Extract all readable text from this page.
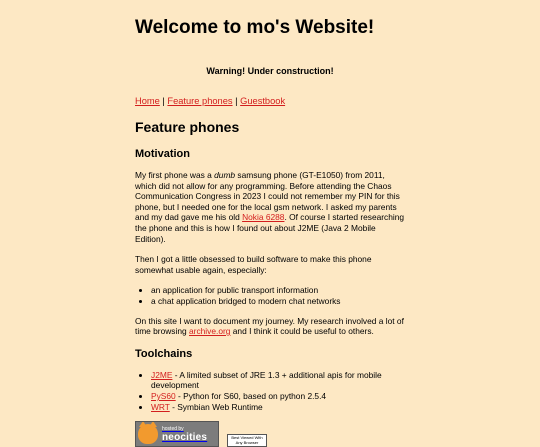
Welcome to mo's Website!
Warning! Under construction!
Home | Feature phones | Guestbook
Feature phones
Motivation

My first phone was a dumb samsung phone (GT-E1050) from 2011, which did not allow for any programming. Before attending the Chaos Communication Congress in 2023 I could not remember my PIN for this phone, but I needed one for the local gsm network. I asked my parents and my dad gave me his old Nokia 6288. Of course I started researching the phone and this is how I found out about J2ME (Java 2 Mobile Edition).

Then I got a little obsessed to build software to make this phone somewhat usable again, especially:

• an application for public transport information
• a chat application bridged to modern chat networks

On this site I want to document my journey. My research involved a lot of time browsing archive.org and I think it could be useful to others.

Toolchains
• J2ME - A limited subset of JRE 1.3 + additional apis for mobile development
• PyS60 - Python for S60, based on python 2.5.4
• WRT - Symbian Web Runtime
hosted by
neocities	Best Viewed With
Any Browser
